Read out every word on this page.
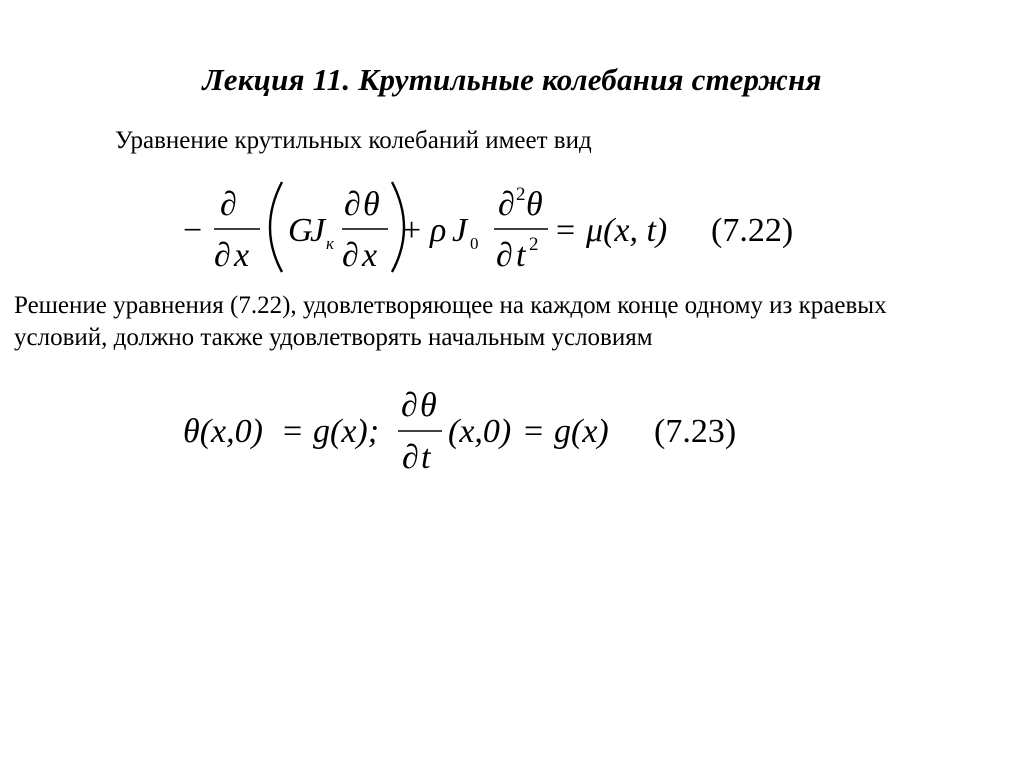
Лекция 11. Крутильные колебания стержня
Уравнение крутильных колебаний имеет вид
−
∂
∂ x
G
J к
∂ θ
∂ x
+ ρ J 0
∂ 2 θ
∂ t 2 = μ(x, t) (7.22)
Решение уравнения (7.22), удовлетворяющее на каждом конце одному из краевых
условий, должно также удовлетворять начальным условиям
θ(x,0) = g(x);
∂ θ
∂ t
(x,0) = g(x) (7.23)
